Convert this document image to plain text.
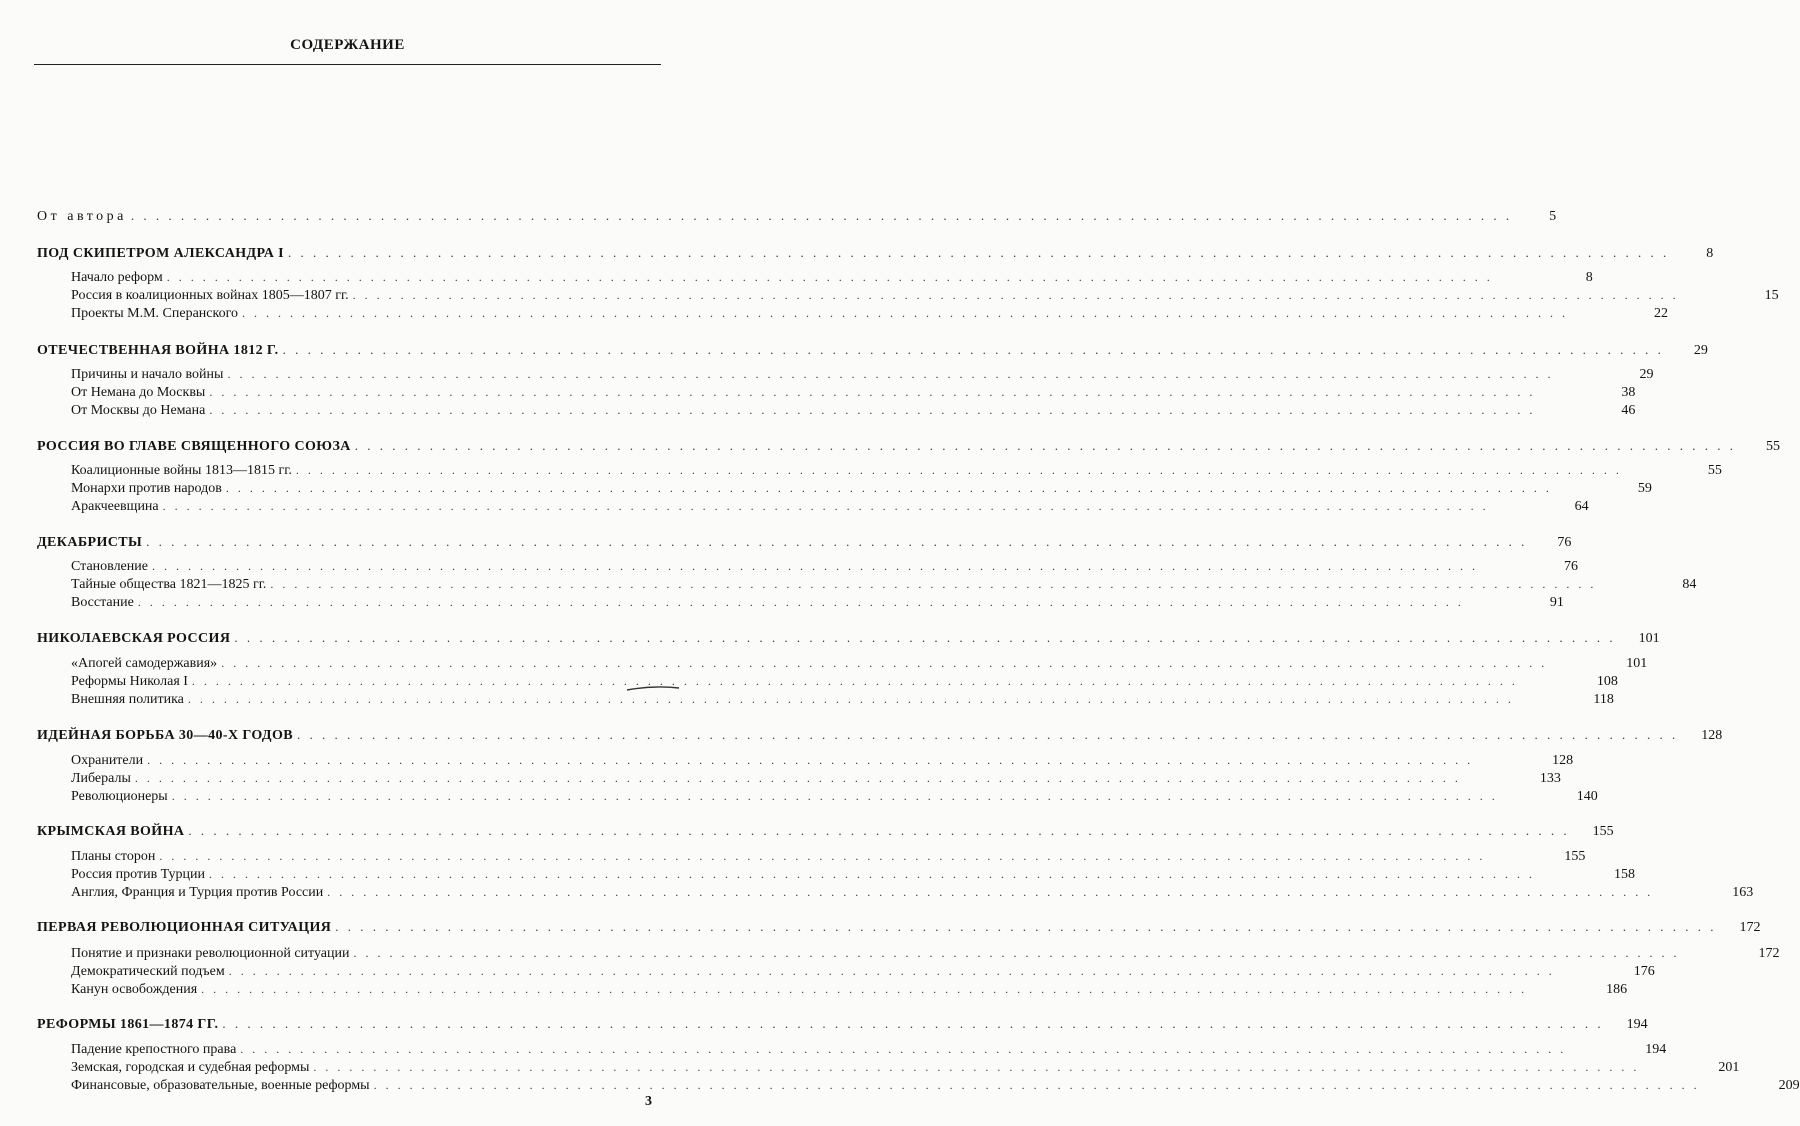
СОДЕРЖАНИЕ
От автора . . . . . . . . . . . . . . . . . . . . . . . . . . . . . . . . . . . . . . . . . . . . . . . . . . . . . . . . . . . . . . . . . . . . . . . . . . . . . . . . . . . . . . . . . . . . . . . . . . . . . . . . . . . . . . .	5
ПОД СКИПЕТРОМ АЛЕКСАНДРА I . . . . . . . . . . . . . . . . . . . . . . . . . . . . . . . . . . . . . . . . . . . . . . . . . . . . . . . . . . . . . . . . . . . . . . . . . . . . . . . . . . . . . . . . . . . . . . . . . . . . . . . . . . . . . . .	8
Начало реформ . . . . . . . . . . . . . . . . . . . . . . . . . . . . . . . . . . . . . . . . . . . . . . . . . . . . . . . . . . . . . . . . . . . . . . . . . . . . . . . . . . . . . . . . . . . . . . . . . . . . . . . . . . . . . . .	8
Россия в коалиционных войнах 1805—1807 гг. . . . . . . . . . . . . . . . . . . . . . . . . . . . . . . . . . . . . . . . . . . . . . . . . . . . . . . . . . . . . . . . . . . . . . . . . . . . . . . . . . . . . . . . . . . . . . . . . . . . . . . . . . . . . . . .	15
Проекты М.М. Сперанского . . . . . . . . . . . . . . . . . . . . . . . . . . . . . . . . . . . . . . . . . . . . . . . . . . . . . . . . . . . . . . . . . . . . . . . . . . . . . . . . . . . . . . . . . . . . . . . . . . . . . . . . . . . . . . .	22
ОТЕЧЕСТВЕННАЯ ВОЙНА 1812 Г. . . . . . . . . . . . . . . . . . . . . . . . . . . . . . . . . . . . . . . . . . . . . . . . . . . . . . . . . . . . . . . . . . . . . . . . . . . . . . . . . . . . . . . . . . . . . . . . . . . . . . . . . . . . . . . .	29
Причины и начало войны . . . . . . . . . . . . . . . . . . . . . . . . . . . . . . . . . . . . . . . . . . . . . . . . . . . . . . . . . . . . . . . . . . . . . . . . . . . . . . . . . . . . . . . . . . . . . . . . . . . . . . . . . . . . . . .	29
От Немана до Москвы . . . . . . . . . . . . . . . . . . . . . . . . . . . . . . . . . . . . . . . . . . . . . . . . . . . . . . . . . . . . . . . . . . . . . . . . . . . . . . . . . . . . . . . . . . . . . . . . . . . . . . . . . . . . . . .	38
От Москвы до Немана . . . . . . . . . . . . . . . . . . . . . . . . . . . . . . . . . . . . . . . . . . . . . . . . . . . . . . . . . . . . . . . . . . . . . . . . . . . . . . . . . . . . . . . . . . . . . . . . . . . . . . . . . . . . . . .	46
РОССИЯ ВО ГЛАВЕ СВЯЩЕННОГО СОЮЗА . . . . . . . . . . . . . . . . . . . . . . . . . . . . . . . . . . . . . . . . . . . . . . . . . . . . . . . . . . . . . . . . . . . . . . . . . . . . . . . . . . . . . . . . . . . . . . . . . . . . . . . . . . . . . . .	55
Коалиционные войны 1813—1815 гг. . . . . . . . . . . . . . . . . . . . . . . . . . . . . . . . . . . . . . . . . . . . . . . . . . . . . . . . . . . . . . . . . . . . . . . . . . . . . . . . . . . . . . . . . . . . . . . . . . . . . . . . . . . . . . . .	55
Монархи против народов . . . . . . . . . . . . . . . . . . . . . . . . . . . . . . . . . . . . . . . . . . . . . . . . . . . . . . . . . . . . . . . . . . . . . . . . . . . . . . . . . . . . . . . . . . . . . . . . . . . . . . . . . . . . . . .	59
Аракчеевщина . . . . . . . . . . . . . . . . . . . . . . . . . . . . . . . . . . . . . . . . . . . . . . . . . . . . . . . . . . . . . . . . . . . . . . . . . . . . . . . . . . . . . . . . . . . . . . . . . . . . . . . . . . . . . . .	64
ДЕКАБРИСТЫ . . . . . . . . . . . . . . . . . . . . . . . . . . . . . . . . . . . . . . . . . . . . . . . . . . . . . . . . . . . . . . . . . . . . . . . . . . . . . . . . . . . . . . . . . . . . . . . . . . . . . . . . . . . . . . .	76
Становление . . . . . . . . . . . . . . . . . . . . . . . . . . . . . . . . . . . . . . . . . . . . . . . . . . . . . . . . . . . . . . . . . . . . . . . . . . . . . . . . . . . . . . . . . . . . . . . . . . . . . . . . . . . . . . .	76
Тайные общества 1821—1825 гг. . . . . . . . . . . . . . . . . . . . . . . . . . . . . . . . . . . . . . . . . . . . . . . . . . . . . . . . . . . . . . . . . . . . . . . . . . . . . . . . . . . . . . . . . . . . . . . . . . . . . . . . . . . . . . . .	84
Восстание . . . . . . . . . . . . . . . . . . . . . . . . . . . . . . . . . . . . . . . . . . . . . . . . . . . . . . . . . . . . . . . . . . . . . . . . . . . . . . . . . . . . . . . . . . . . . . . . . . . . . . . . . . . . . . .	91
НИКОЛАЕВСКАЯ РОССИЯ . . . . . . . . . . . . . . . . . . . . . . . . . . . . . . . . . . . . . . . . . . . . . . . . . . . . . . . . . . . . . . . . . . . . . . . . . . . . . . . . . . . . . . . . . . . . . . . . . . . . . . . . . . . . . . .	101
«Апогей самодержавия» . . . . . . . . . . . . . . . . . . . . . . . . . . . . . . . . . . . . . . . . . . . . . . . . . . . . . . . . . . . . . . . . . . . . . . . . . . . . . . . . . . . . . . . . . . . . . . . . . . . . . . . . . . . . . . .	101
Реформы Николая I . . . . . . . . . . . . . . . . . . . . . . . . . . . . . . . . . . . . . . . . . . . . . . . . . . . . . . . . . . . . . . . . . . . . . . . . . . . . . . . . . . . . . . . . . . . . . . . . . . . . . . . . . . . . . . .	108
Внешняя политика . . . . . . . . . . . . . . . . . . . . . . . . . . . . . . . . . . . . . . . . . . . . . . . . . . . . . . . . . . . . . . . . . . . . . . . . . . . . . . . . . . . . . . . . . . . . . . . . . . . . . . . . . . . . . . .	118
ИДЕЙНАЯ БОРЬБА 30—40-Х ГОДОВ . . . . . . . . . . . . . . . . . . . . . . . . . . . . . . . . . . . . . . . . . . . . . . . . . . . . . . . . . . . . . . . . . . . . . . . . . . . . . . . . . . . . . . . . . . . . . . . . . . . . . . . . . . . . . . .	128
Охранители . . . . . . . . . . . . . . . . . . . . . . . . . . . . . . . . . . . . . . . . . . . . . . . . . . . . . . . . . . . . . . . . . . . . . . . . . . . . . . . . . . . . . . . . . . . . . . . . . . . . . . . . . . . . . . .	128
Либералы . . . . . . . . . . . . . . . . . . . . . . . . . . . . . . . . . . . . . . . . . . . . . . . . . . . . . . . . . . . . . . . . . . . . . . . . . . . . . . . . . . . . . . . . . . . . . . . . . . . . . . . . . . . . . . .	133
Революционеры . . . . . . . . . . . . . . . . . . . . . . . . . . . . . . . . . . . . . . . . . . . . . . . . . . . . . . . . . . . . . . . . . . . . . . . . . . . . . . . . . . . . . . . . . . . . . . . . . . . . . . . . . . . . . . .	140
КРЫМСКАЯ ВОЙНА . . . . . . . . . . . . . . . . . . . . . . . . . . . . . . . . . . . . . . . . . . . . . . . . . . . . . . . . . . . . . . . . . . . . . . . . . . . . . . . . . . . . . . . . . . . . . . . . . . . . . . . . . . . . . . .	155
Планы сторон . . . . . . . . . . . . . . . . . . . . . . . . . . . . . . . . . . . . . . . . . . . . . . . . . . . . . . . . . . . . . . . . . . . . . . . . . . . . . . . . . . . . . . . . . . . . . . . . . . . . . . . . . . . . . . .	155
Россия против Турции . . . . . . . . . . . . . . . . . . . . . . . . . . . . . . . . . . . . . . . . . . . . . . . . . . . . . . . . . . . . . . . . . . . . . . . . . . . . . . . . . . . . . . . . . . . . . . . . . . . . . . . . . . . . . . .	158
Англия, Франция и Турция против России . . . . . . . . . . . . . . . . . . . . . . . . . . . . . . . . . . . . . . . . . . . . . . . . . . . . . . . . . . . . . . . . . . . . . . . . . . . . . . . . . . . . . . . . . . . . . . . . . . . . . . . . . . . . . . .	163
ПЕРВАЯ РЕВОЛЮЦИОННАЯ СИТУАЦИЯ . . . . . . . . . . . . . . . . . . . . . . . . . . . . . . . . . . . . . . . . . . . . . . . . . . . . . . . . . . . . . . . . . . . . . . . . . . . . . . . . . . . . . . . . . . . . . . . . . . . . . . . . . . . . . . .	172
Понятие и признаки революционной ситуации . . . . . . . . . . . . . . . . . . . . . . . . . . . . . . . . . . . . . . . . . . . . . . . . . . . . . . . . . . . . . . . . . . . . . . . . . . . . . . . . . . . . . . . . . . . . . . . . . . . . . . . . . . . . . . .	172
Демократический подъем . . . . . . . . . . . . . . . . . . . . . . . . . . . . . . . . . . . . . . . . . . . . . . . . . . . . . . . . . . . . . . . . . . . . . . . . . . . . . . . . . . . . . . . . . . . . . . . . . . . . . . . . . . . . . . .	176
Канун освобождения . . . . . . . . . . . . . . . . . . . . . . . . . . . . . . . . . . . . . . . . . . . . . . . . . . . . . . . . . . . . . . . . . . . . . . . . . . . . . . . . . . . . . . . . . . . . . . . . . . . . . . . . . . . . . . .	186
РЕФОРМЫ 1861—1874 ГГ. . . . . . . . . . . . . . . . . . . . . . . . . . . . . . . . . . . . . . . . . . . . . . . . . . . . . . . . . . . . . . . . . . . . . . . . . . . . . . . . . . . . . . . . . . . . . . . . . . . . . . . . . . . . . . . .	194
Падение крепостного права . . . . . . . . . . . . . . . . . . . . . . . . . . . . . . . . . . . . . . . . . . . . . . . . . . . . . . . . . . . . . . . . . . . . . . . . . . . . . . . . . . . . . . . . . . . . . . . . . . . . . . . . . . . . . . .	194
Земская, городская и судебная реформы . . . . . . . . . . . . . . . . . . . . . . . . . . . . . . . . . . . . . . . . . . . . . . . . . . . . . . . . . . . . . . . . . . . . . . . . . . . . . . . . . . . . . . . . . . . . . . . . . . . . . . . . . . . . . . .	201
Финансовые, образовательные, военные реформы . . . . . . . . . . . . . . . . . . . . . . . . . . . . . . . . . . . . . . . . . . . . . . . . . . . . . . . . . . . . . . . . . . . . . . . . . . . . . . . . . . . . . . . . . . . . . . . . . . . . . . . . . . . . . . .	209
3
